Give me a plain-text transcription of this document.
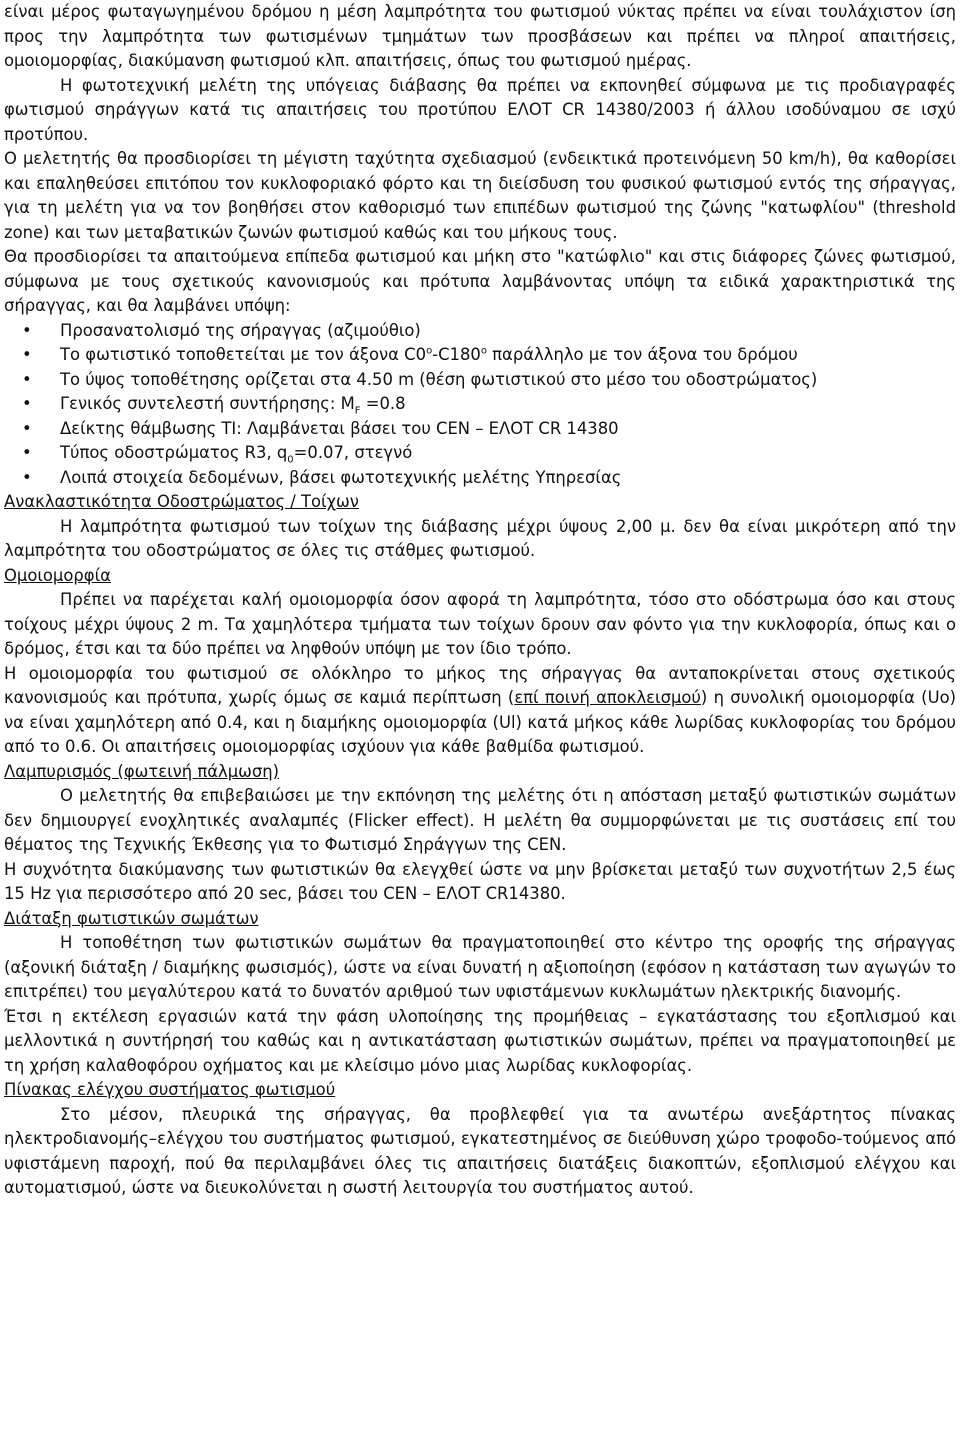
είναι μέρος φωταγωγημένου δρόμου η μέση λαμπρότητα του φωτισμού νύκτας πρέπει να είναι τουλάχιστον ίση προς την λαμπρότητα των φωτισμένων τμημάτων των προσβάσεων και πρέπει να πληροί απαιτήσεις, ομοιομορφίας, διακύμανση φωτισμού κλπ. απαιτήσεις, όπως του φωτισμού ημέρας.

Η φωτοτεχνική μελέτη της υπόγειας διάβασης θα πρέπει να εκπονηθεί σύμφωνα με τις προδιαγραφές φωτισμού σηράγγων κατά τις απαιτήσεις του προτύπου ΕΛΟΤ CR 14380/2003 ή άλλου ισοδύναμου σε ισχύ προτύπου.

Ο μελετητής θα προσδιορίσει τη μέγιστη ταχύτητα σχεδιασμού (ενδεικτικά προτεινόμενη 50 km/h), θα καθορίσει και επαληθεύσει επιτόπου τον κυκλοφοριακό φόρτο και τη διείσδυση του φυσικού φωτισμού εντός της σήραγγας, για τη μελέτη για να τον βοηθήσει στον καθορισμό των επιπέδων φωτισμού της ζώνης "κατωφλίου" (threshold zone) και των μεταβατικών ζωνών φωτισμού καθώς και του μήκους τους.

Θα προσδιορίσει τα απαιτούμενα επίπεδα φωτισμού και μήκη στο "κατώφλιο" και στις διάφορες ζώνες φωτισμού, σύμφωνα με τους σχετικούς κανονισμούς και πρότυπα λαμβάνοντας υπόψη τα ειδικά χαρακτηριστικά της σήραγγας, και θα λαμβάνει υπόψη:

• Προσανατολισμό της σήραγγας (αζιμούθιο)
• Το φωτιστικό τοποθετείται με τον άξονα C0$^o$-C180$^o$ παράλληλο με τον άξονα του δρόμου
• Το ύψος τοποθέτησης ορίζεται στα 4.50 m (θέση φωτιστικού στο μέσο του οδοστρώματος)
• Γενικός συντελεστή συντήρησης: $M_F =0.8$
• Δείκτης θάμβωσης TI: Λαμβάνεται βάσει του CEN – ΕΛΟΤ CR 14380
• Τύπος οδοστρώματος R3, $q_0=0.07$, στεγνό
• Λοιπά στοιχεία δεδομένων, βάσει φωτοτεχνικής μελέτης Υπηρεσίας

Ανακλαστικότητα Οδοστρώματος / Τοίχων

Η λαμπρότητα φωτισμού των τοίχων της διάβασης μέχρι ύψους 2,00 μ. δεν θα είναι μικρότερη από την λαμπρότητα του οδοστρώματος σε όλες τις στάθμες φωτισμού.

Ομοιομορφία

Πρέπει να παρέχεται καλή ομοιομορφία όσον αφορά τη λαμπρότητα, τόσο στο οδόστρωμα όσο και στους τοίχους μέχρι ύψους 2 m. Τα χαμηλότερα τμήματα των τοίχων δρουν σαν φόντο για την κυκλοφορία, όπως και ο δρόμος, έτσι και τα δύο πρέπει να ληφθούν υπόψη με τον ίδιο τρόπο.

Η ομοιομορφία του φωτισμού σε ολόκληρο το μήκος της σήραγγας θα ανταποκρίνεται στους σχετικούς κανονισμούς και πρότυπα, χωρίς όμως σε καμιά περίπτωση (επί ποινή αποκλεισμού) η συνολική ομοιομορφία (Uo) να είναι χαμηλότερη από 0.4, και η διαμήκης ομοιομορφία (Ul) κατά μήκος κάθε λωρίδας κυκλοφορίας του δρόμου από το 0.6. Οι απαιτήσεις ομοιομορφίας ισχύουν για κάθε βαθμίδα φωτισμού.

Λαμπυρισμός (φωτεινή πάλμωση)

Ο μελετητής θα επιβεβαιώσει με την εκπόνηση της μελέτης ότι η απόσταση μεταξύ φωτιστικών σωμάτων δεν δημιουργεί ενοχλητικές αναλαμπές (Flicker effect). Η μελέτη θα συμμορφώνεται με τις συστάσεις επί του θέματος της Τεχνικής Έκθεσης για το Φωτισμό Σηράγγων της CEN.

Η συχνότητα διακύμανσης των φωτιστικών θα ελεγχθεί ώστε να μην βρίσκεται μεταξύ των συχνοτήτων 2,5 έως 15 Hz για περισσότερο από 20 sec, βάσει του CEN – ΕΛΟΤ CR14380.

Διάταξη φωτιστικών σωμάτων

Η τοποθέτηση των φωτιστικών σωμάτων θα πραγματοποιηθεί στο κέντρο της οροφής της σήραγγας (αξονική διάταξη / διαμήκης φωσισμός), ώστε να είναι δυνατή η αξιοποίηση (εφόσον η κατάσταση των αγωγών το επιτρέπει) του μεγαλύτερου κατά το δυνατόν αριθμού των υφιστάμενων κυκλωμάτων ηλεκτρικής διανομής.

Έτσι η εκτέλεση εργασιών κατά την φάση υλοποίησης της προμήθειας – εγκατάστασης του εξοπλισμού και μελλοντικά η συντήρησή του καθώς και η αντικατάσταση φωτιστικών σωμάτων, πρέπει να πραγματοποιηθεί με τη χρήση καλαθοφόρου οχήματος και με κλείσιμο μόνο μιας λωρίδας κυκλοφορίας.

Πίνακας ελέγχου συστήματος φωτισμού

Στο μέσον, πλευρικά της σήραγγας, θα προβλεφθεί για τα ανωτέρω ανεξάρτητος πίνακας ηλεκτροδιανομής–ελέγχου του συστήματος φωτισμού, εγκατεστημένος σε διεύθυνση χώρο τροφοδο-τούμενος από υφιστάμενη παροχή, πού θα περιλαμβάνει όλες τις απαιτήσεις διατάξεις διακοπτών, εξοπλισμού ελέγχου και αυτοματισμού, ώστε να διευκολύνεται η σωστή λειτουργία του συστήματος αυτού.
